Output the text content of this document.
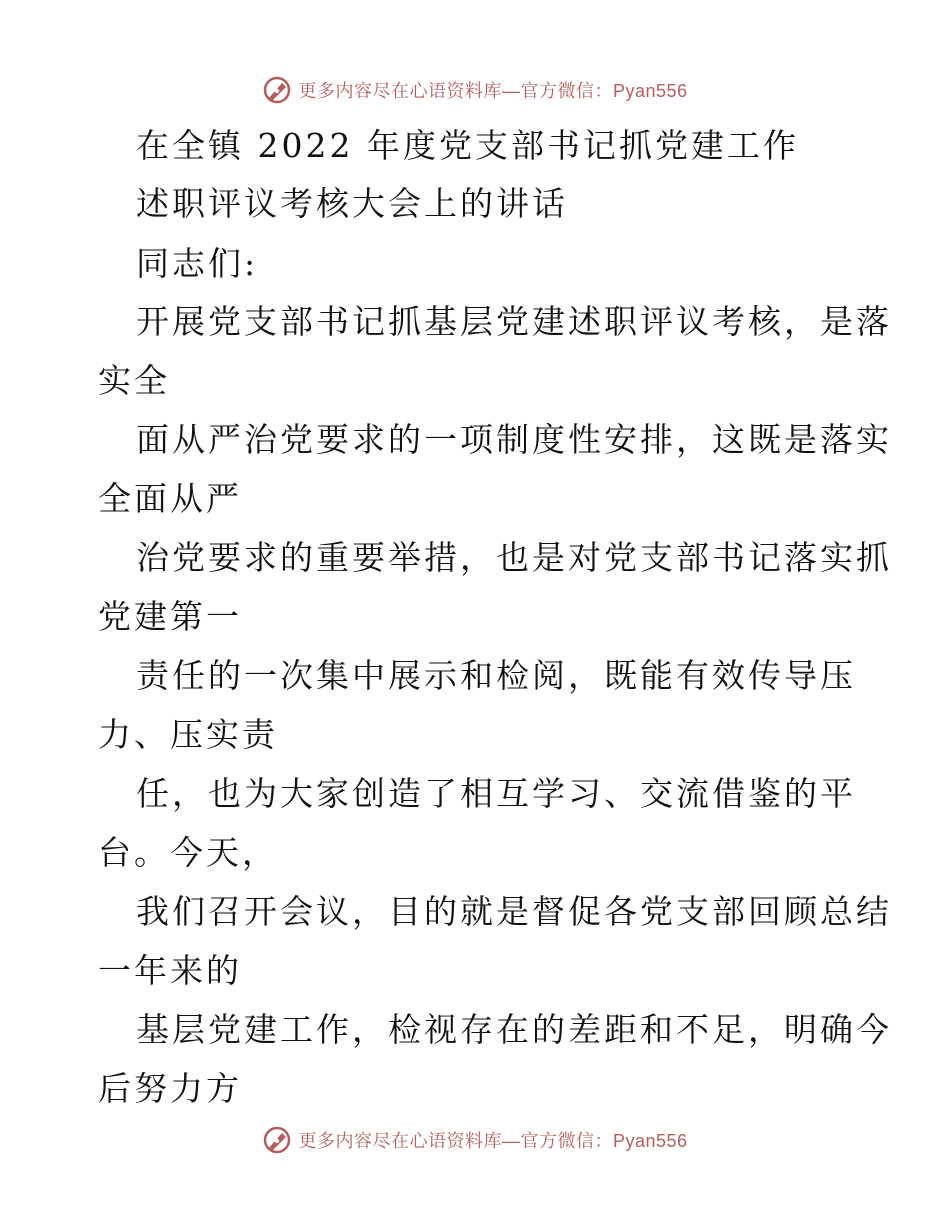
更多内容尽在心语资料库—官方微信：Pyan556
在全镇 2022 年度党支部书记抓党建工作
述职评议考核大会上的讲话
同志们:
开展党支部书记抓基层党建述职评议考核，是落
实全
面从严治党要求的一项制度性安排，这既是落实
全面从严
治党要求的重要举措，也是对党支部书记落实抓
党建第一
责任的一次集中展示和检阅，既能有效传导压
力、压实责
任，也为大家创造了相互学习、交流借鉴的平
台。今天，
我们召开会议，目的就是督促各党支部回顾总结
一年来的
基层党建工作，检视存在的差距和不足，明确今
后努力方
更多内容尽在心语资料库—官方微信：Pyan556
